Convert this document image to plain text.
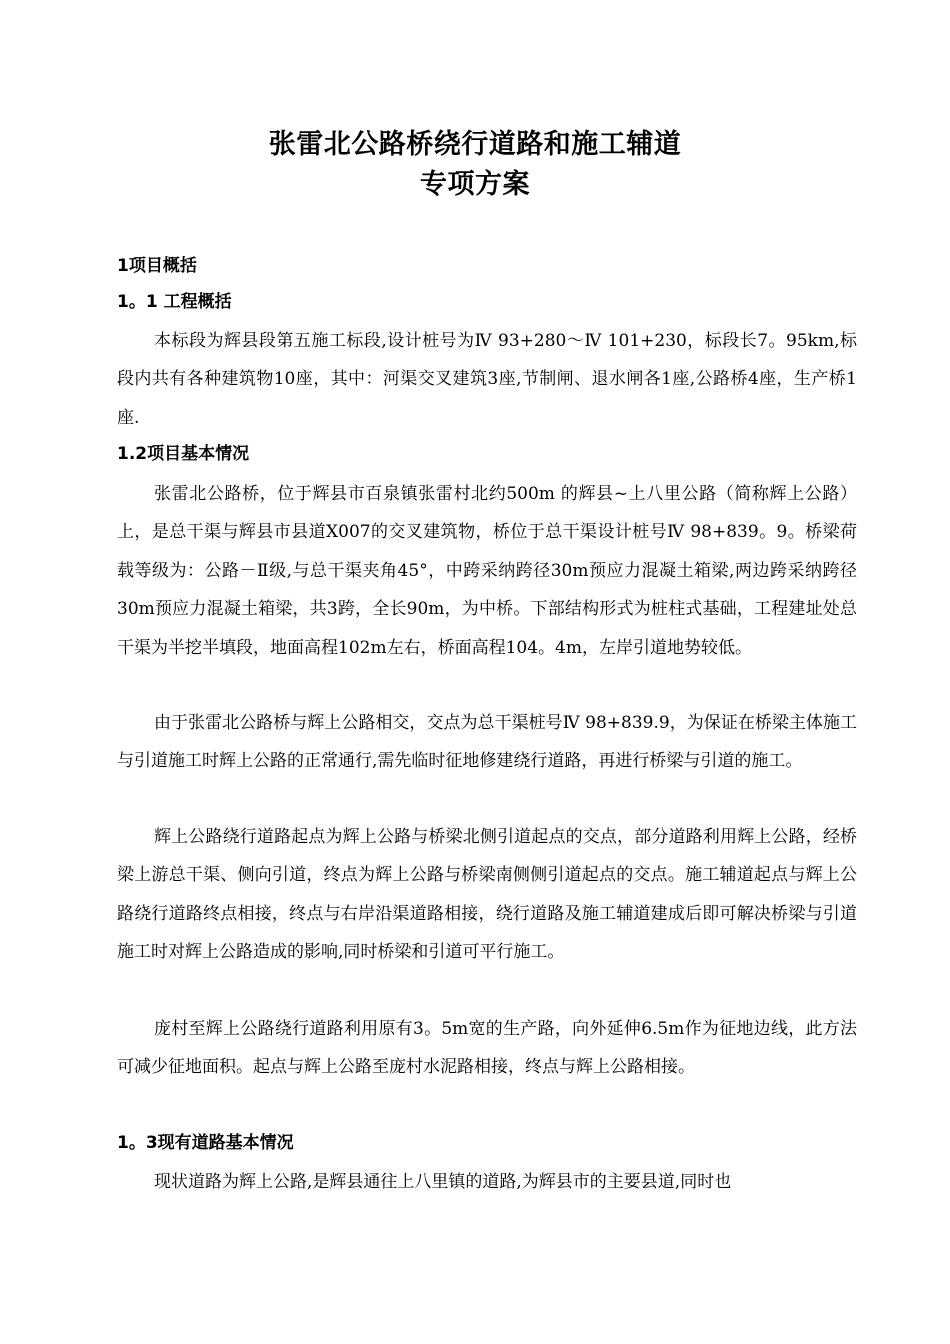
张雷北公路桥绕行道路和施工辅道
专项方案
1项目概括
1。1 工程概括
本标段为辉县段第五施工标段,设计桩号为Ⅳ 93+280～Ⅳ 101+230，标段长7。95km,标段内共有各种建筑物10座，其中：河渠交叉建筑3座,节制闸、退水闸各1座,公路桥4座，生产桥1座.
1.2项目基本情况
张雷北公路桥，位于辉县市百泉镇张雷村北约500m 的辉县~上八里公路（简称辉上公路）上，是总干渠与辉县市县道X007的交叉建筑物，桥位于总干渠设计桩号Ⅳ 98+839。9。桥梁荷载等级为：公路－Ⅱ级,与总干渠夹角45°，中跨采纳跨径30m预应力混凝土箱梁,两边跨采纳跨径30m预应力混凝土箱梁，共3跨，全长90m，为中桥。下部结构形式为桩柱式基础，工程建址处总干渠为半挖半填段，地面高程102m左右，桥面高程104。4m，左岸引道地势较低。
由于张雷北公路桥与辉上公路相交，交点为总干渠桩号Ⅳ 98+839.9，为保证在桥梁主体施工与引道施工时辉上公路的正常通行,需先临时征地修建绕行道路，再进行桥梁与引道的施工。
辉上公路绕行道路起点为辉上公路与桥梁北侧引道起点的交点，部分道路利用辉上公路，经桥梁上游总干渠、侧向引道，终点为辉上公路与桥梁南侧侧引道起点的交点。施工辅道起点与辉上公路绕行道路终点相接，终点与右岸沿渠道路相接，绕行道路及施工辅道建成后即可解决桥梁与引道施工时对辉上公路造成的影响,同时桥梁和引道可平行施工。
庞村至辉上公路绕行道路利用原有3。5m宽的生产路，向外延伸6.5m作为征地边线，此方法可减少征地面积。起点与辉上公路至庞村水泥路相接，终点与辉上公路相接。
1。3现有道路基本情况
现状道路为辉上公路,是辉县通往上八里镇的道路,为辉县市的主要县道,同时也
